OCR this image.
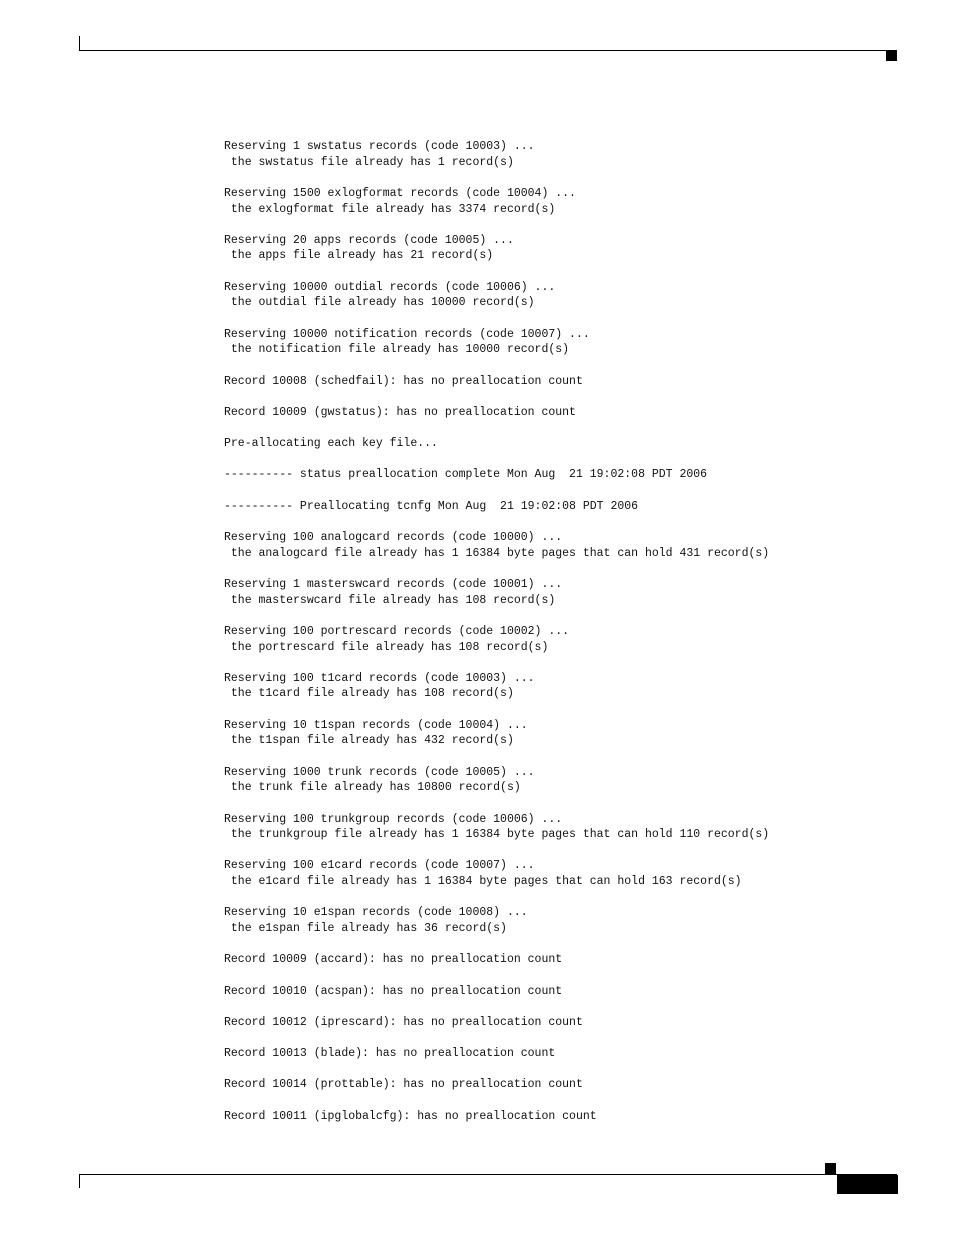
Reserving 1 swstatus records (code 10003) ...
the swstatus file already has 1 record(s)
Reserving 1500 exlogformat records (code 10004) ...
the exlogformat file already has 3374 record(s)
Reserving 20 apps records (code 10005) ...
the apps file already has 21 record(s)
Reserving 10000 outdial records (code 10006) ...
the outdial file already has 10000 record(s)
Reserving 10000 notification records (code 10007) ...
the notification file already has 10000 record(s)
Record 10008 (schedfail): has no preallocation count
Record 10009 (gwstatus): has no preallocation count
Pre-allocating each key file...
---------- status preallocation complete Mon Aug  21 19:02:08 PDT 2006
---------- Preallocating tcnfg Mon Aug  21 19:02:08 PDT 2006
Reserving 100 analogcard records (code 10000) ...
the analogcard file already has 1 16384 byte pages that can hold 431 record(s)
Reserving 1 masterswcard records (code 10001) ...
the masterswcard file already has 108 record(s)
Reserving 100 portrescard records (code 10002) ...
the portrescard file already has 108 record(s)
Reserving 100 t1card records (code 10003) ...
the t1card file already has 108 record(s)
Reserving 10 t1span records (code 10004) ...
the t1span file already has 432 record(s)
Reserving 1000 trunk records (code 10005) ...
the trunk file already has 10800 record(s)
Reserving 100 trunkgroup records (code 10006) ...
the trunkgroup file already has 1 16384 byte pages that can hold 110 record(s)
Reserving 100 e1card records (code 10007) ...
the e1card file already has 1 16384 byte pages that can hold 163 record(s)
Reserving 10 e1span records (code 10008) ...
the e1span file already has 36 record(s)
Record 10009 (accard): has no preallocation count
Record 10010 (acspan): has no preallocation count
Record 10012 (iprescard): has no preallocation count
Record 10013 (blade): has no preallocation count
Record 10014 (prottable): has no preallocation count
Record 10011 (ipglobalcfg): has no preallocation count
